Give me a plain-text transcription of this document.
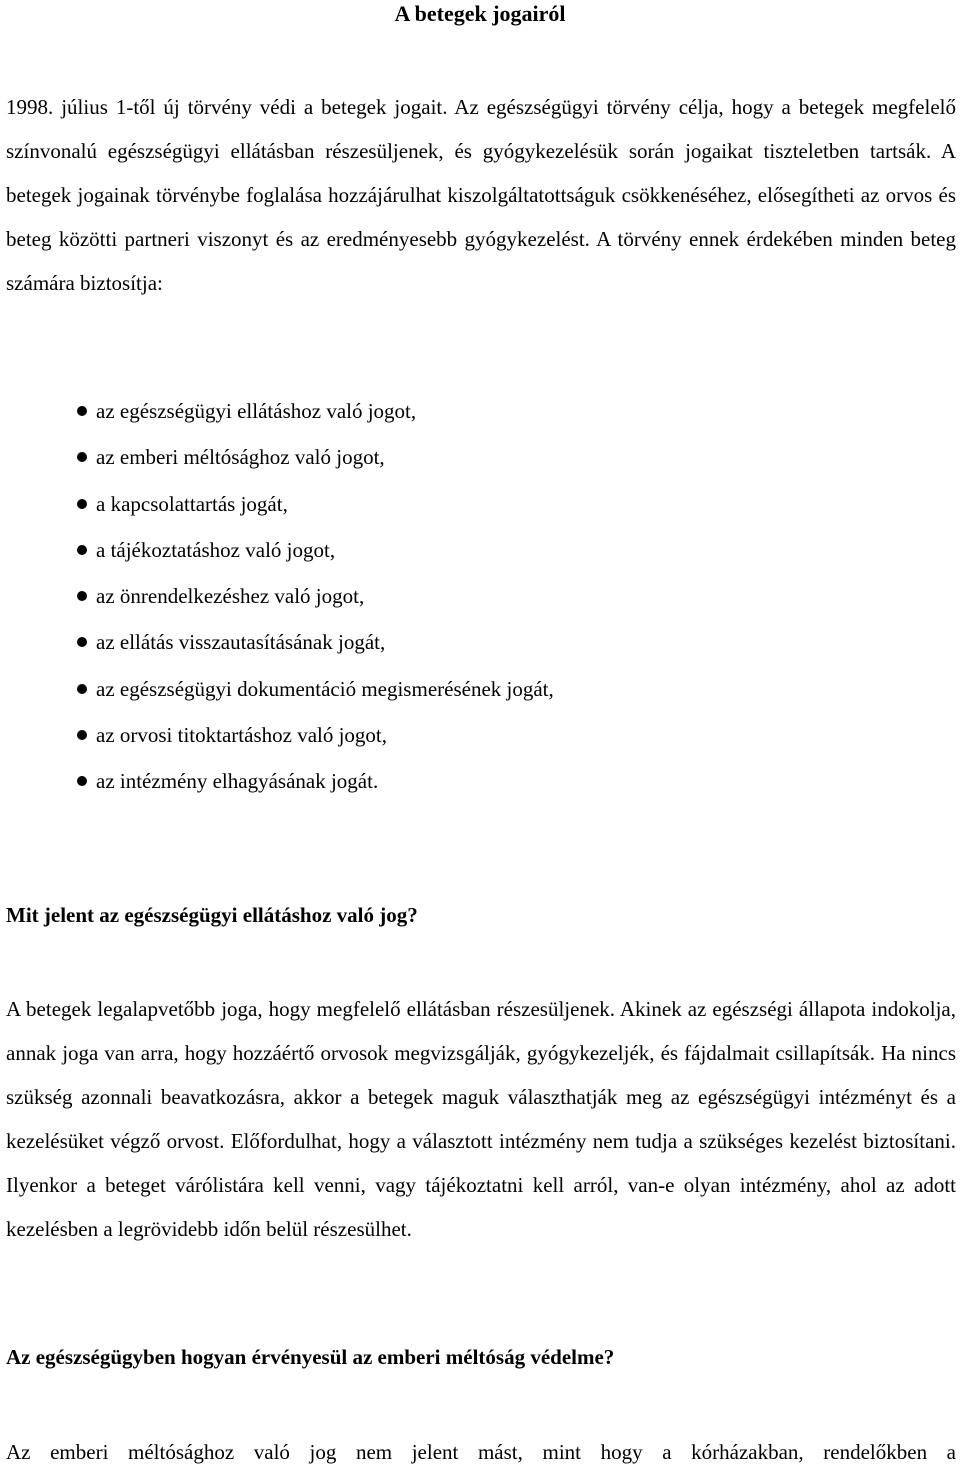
A betegek jogairól
1998. július 1-től új törvény védi a betegek jogait. Az egészségügyi törvény célja, hogy a betegek megfelelő színvonalú egészségügyi ellátásban részesüljenek, és gyógykezelésük során jogaikat tiszteletben tartsák. A betegek jogainak törvénybe foglalása hozzájárulhat kiszolgáltatottságuk csökkenéséhez, elősegítheti az orvos és beteg közötti partneri viszonyt és az eredményesebb gyógykezelést. A törvény ennek érdekében minden beteg számára biztosítja:
az egészségügyi ellátáshoz való jogot,
az emberi méltósághoz való jogot,
a kapcsolattartás jogát,
a tájékoztatáshoz való jogot,
az önrendelkezéshez való jogot,
az ellátás visszautasításának jogát,
az egészségügyi dokumentáció megismerésének jogát,
az orvosi titoktartáshoz való jogot,
az intézmény elhagyásának jogát.
Mit jelent az egészségügyi ellátáshoz való jog?
A betegek legalapvetőbb joga, hogy megfelelő ellátásban részesüljenek. Akinek az egészségi állapota indokolja, annak joga van arra, hogy hozzáértő orvosok megvizsgálják, gyógykezeljék, és fájdalmait csillapítsák. Ha nincs szükség azonnali beavatkozásra, akkor a betegek maguk választhatják meg az egészségügyi intézményt és a kezelésüket végző orvost. Előfordulhat, hogy a választott intézmény nem tudja a szükséges kezelést biztosítani. Ilyenkor a beteget várólistára kell venni, vagy tájékoztatni kell arról, van-e olyan intézmény, ahol az adott kezelésben a legrövidebb időn belül részesülhet.
Az egészségügyben hogyan érvényesül az emberi méltóság védelme?
Az emberi méltósághoz való jog nem jelent mást, mint hogy a kórházakban, rendelőkben a
